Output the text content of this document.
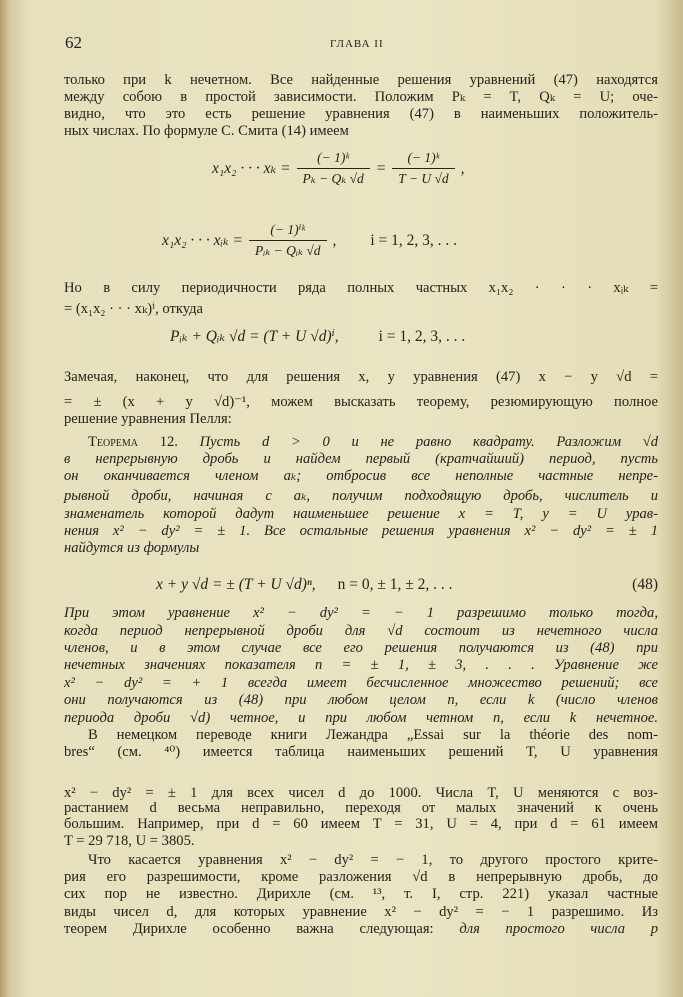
62	ГЛАВА II
только при k нечетном. Все найденные решения уравнений (47) находятся
между собою в простой зависимости. Положим Pₖ = T, Qₖ = U; оче-
видно, что это есть решение уравнения (47) в наименьших положитель-
ных числах. По формуле С. Смита (14) имеем
Но в силу периодичности ряда полных частных x₁x₂ · · · xᵢₖ =
= (x₁x₂ · · · xₖ)ⁱ, откуда
Замечая, наконец, что для решения x, y уравнения (47) x − y √d =
= ± (x + y √d)⁻¹, можем высказать теорему, резюмирующую полное
решение уравнения Пелля:
Теорема 12. Пусть d > 0 и не равно квадрату. Разложим √d
в непрерывную дробь и найдем первый (кратчайший) период, пусть
он оканчивается членом aₖ; отбросив все неполные частные непре-
рывной дроби, начиная с aₖ, получим подходящую дробь, числитель и
знаменатель которой дадут наименьшее решение x = T, y = U урав-
нения x² − dy² = ± 1. Все остальные решения уравнения x² − dy² = ± 1
найдутся из формулы
При этом уравнение x² − dy² = − 1 разрешимо только тогда,
когда период непрерывной дроби для √d состоит из нечетного числа
членов, и в этом случае все его решения получаются из (48) при
нечетных значениях показателя n = ± 1, ± 3, . . . Уравнение же
x² − dy² = + 1 всегда имеет бесчисленное множество решений; все
они получаются из (48) при любом целом n, если k (число членов
периода дроби √d) четное, и при любом четном n, если k нечетное.
В немецком переводе книги Лежандра „Essai sur la théorie des nom-
bres“ (см. ⁴⁰) имеется таблица наименьших решений T, U уравнения
x² − dy² = ± 1 для всех чисел d до 1000. Числа T, U меняются с воз-
растанием d весьма неправильно, переходя от малых значений к очень
большим. Например, при d = 60 имеем T = 31, U = 4, при d = 61 имеем
T = 29 718, U = 3805.
Что касается уравнения x² − dy² = − 1, то другого простого крите-
рия его разрешимости, кроме разложения √d в непрерывную дробь, до
сих пор не известно. Дирихле (см. ¹³, т. I, стр. 221) указал частные
виды чисел d, для которых уравнение x² − dy² = − 1 разрешимо. Из
теорем Дирихле особенно важна следующая: для простого числа p
x₁x₂ · · · $x_k = \frac{\text{(− 1)ᵏ}}{\text{Pₖ − Qₖ √d}} = \frac{\text{(− 1)ᵏ}}{T - U √d}$ ,
x₁x₂ · · · xᵢₖ = $\frac{\text{(− 1)ⁱᵏ}}{\text{Pᵢₖ − Qᵢₖ √d}}$ , i = 1, 2, 3, . . .
Pᵢₖ + Qᵢₖ √d = (T + U √d)ⁱ,	i = 1, 2, 3, . . .
x + y √d = ± (T + U √d)ⁿ, n = 0, ± 1, ± 2, . . .	(48)
